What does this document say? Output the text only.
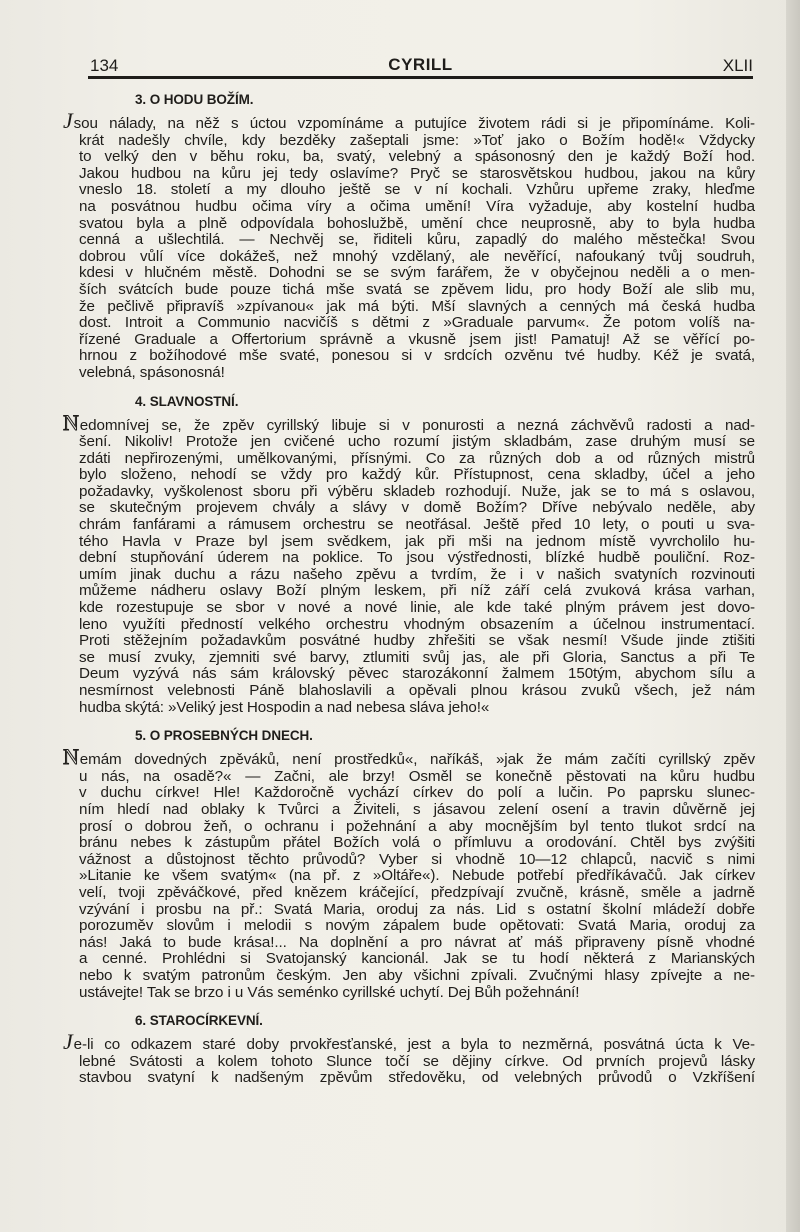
134	CYRILL	XLII
3. O HODU BOŽÍM.
Jsou nálady, na něž s úctou vzpomínáme a putujíce životem rádi si je připomínáme. Koli-
krát nadešly chvíle, kdy bezděky zašeptali jsme: »Toť jako o Božím hodě!« Vždycky
to velký den v běhu roku, ba, svatý, velebný a spásonosný den je každý Boží hod.
Jakou hudbou na kůru jej tedy oslavíme? Pryč se starosvětskou hudbou, jakou na kůry
vneslo 18. století a my dlouho ještě se v ní kochali. Vzhůru upřeme zraky, hleďme
na posvátnou hudbu očima víry a očima umění! Víra vyžaduje, aby kostelní hudba
svatou byla a plně odpovídala bohoslužbě, umění chce neuprosně, aby to byla hudba
cenná a ušlechtilá. — Nechvěj se, řiditeli kůru, zapadlý do malého městečka! Svou
dobrou vůlí více dokážeš, než mnohý vzdělaný, ale nevěřící, nafoukaný tvůj soudruh,
kdesi v hlučném městě. Dohodni se se svým farářem, že v obyčejnou neděli a o men-
ších svátcích bude pouze tichá mše svatá se zpěvem lidu, pro hody Boží ale slib mu,
že pečlivě připravíš »zpívanou« jak má býti. Mší slavných a cenných má česká hudba
dost. Introit a Communio nacvičíš s dětmi z »Graduale parvum«. Že potom volíš na-
řízené Graduale a Offertorium správně a vkusně jsem jist! Pamatuj! Až se věřící po-
hrnou z božíhodové mše svaté, ponesou si v srdcích ozvěnu tvé hudby. Kéž je svatá,
velebná, spásonosná!
4. SLAVNOSTNÍ.
Nedomnívej se, že zpěv cyrillský libuje si v ponurosti a nezná záchvěvů radosti a nad-
šení. Nikoliv! Protože jen cvičené ucho rozumí jistým skladbám, zase druhým musí se
zdáti nepřirozenými, umělkovanými, přísnými. Co za různých dob a od různých mistrů
bylo složeno, nehodí se vždy pro každý kůr. Přístupnost, cena skladby, účel a jeho
požadavky, vyškolenost sboru při výběru skladeb rozhodují. Nuže, jak se to má s oslavou,
se skutečným projevem chvály a slávy v domě Božím? Dříve nebývalo neděle, aby
chrám fanfárami a rámusem orchestru se neotřásal. Ještě před 10 lety, o pouti u sva-
tého Havla v Praze byl jsem svědkem, jak při mši na jednom místě vyvrcholilo hu-
dební stupňování úderem na poklice. To jsou výstřednosti, blízké hudbě pouliční. Roz-
umím jinak duchu a rázu našeho zpěvu a tvrdím, že i v našich svatyních rozvinouti
můžeme nádheru oslavy Boží plným leskem, při níž září celá zvuková krása varhan,
kde rozestupuje se sbor v nové a nové linie, ale kde také plným právem jest dovo-
leno využíti předností velkého orchestru vhodným obsazením a účelnou instrumentací.
Proti stěžejním požadavkům posvátné hudby zhřešiti se však nesmí! Všude jinde ztišiti
se musí zvuky, zjemniti své barvy, ztlumiti svůj jas, ale při Gloria, Sanctus a při Te
Deum vyzývá nás sám královský pěvec starozákonní žalmem 150tým, abychom sílu a
nesmírnost velebnosti Páně blahoslavili a opěvali plnou krásou zvuků všech, jež nám
hudba skýtá: »Veliký jest Hospodin a nad nebesa sláva jeho!«
5. O PROSEBNÝCH DNECH.
Nemám dovedných zpěváků, není prostředků«, naříkáš, »jak že mám začíti cyrillský zpěv
u nás, na osadě?« — Začni, ale brzy! Osměl se konečně pěstovati na kůru hudbu
v duchu církve! Hle! Každoročně vychází církev do polí a lučin. Po paprsku slunec-
ním hledí nad oblaky k Tvůrci a Živiteli, s jásavou zelení osení a travin důvěrně jej
prosí o dobrou žeň, o ochranu i požehnání a aby mocnějším byl tento tlukot srdcí na
bránu nebes k zástupům přátel Božích volá o přímluvu a orodování. Chtěl bys zvýšiti
vážnost a důstojnost těchto průvodů? Vyber si vhodně 10—12 chlapců, nacvič s nimi
»Litanie ke všem svatým« (na př. z »Oltáře«). Nebude potřebí předříkávačů. Jak církev
velí, tvoji zpěváčkové, před knězem kráčející, předzpívají zvučně, krásně, směle a jadrně
vzývání i prosbu na př.: Svatá Maria, oroduj za nás. Lid s ostatní školní mládeží dobře
porozuměv slovům i melodii s novým zápalem bude opětovati: Svatá Maria, oroduj za
nás! Jaká to bude krása!... Na doplnění a pro návrat ať máš připraveny písně vhodné
a cenné. Prohlédni si Svatojanský kancionál. Jak se tu hodí některá z Marianských
nebo k svatým patronům českým. Jen aby všichni zpívali. Zvučnými hlasy zpívejte a ne-
ustávejte! Tak se brzo i u Vás seménko cyrillské uchytí. Dej Bůh požehnání!
6. STAROCÍRKEVNÍ.
Je-li co odkazem staré doby prvokřesťanské, jest a byla to nezměrná, posvátná úcta k Ve-
lebné Svátosti a kolem tohoto Slunce točí se dějiny církve. Od prvních projevů lásky
stavbou svatyní k nadšeným zpěvům středověku, od velebných průvodů o Vzkříšení
